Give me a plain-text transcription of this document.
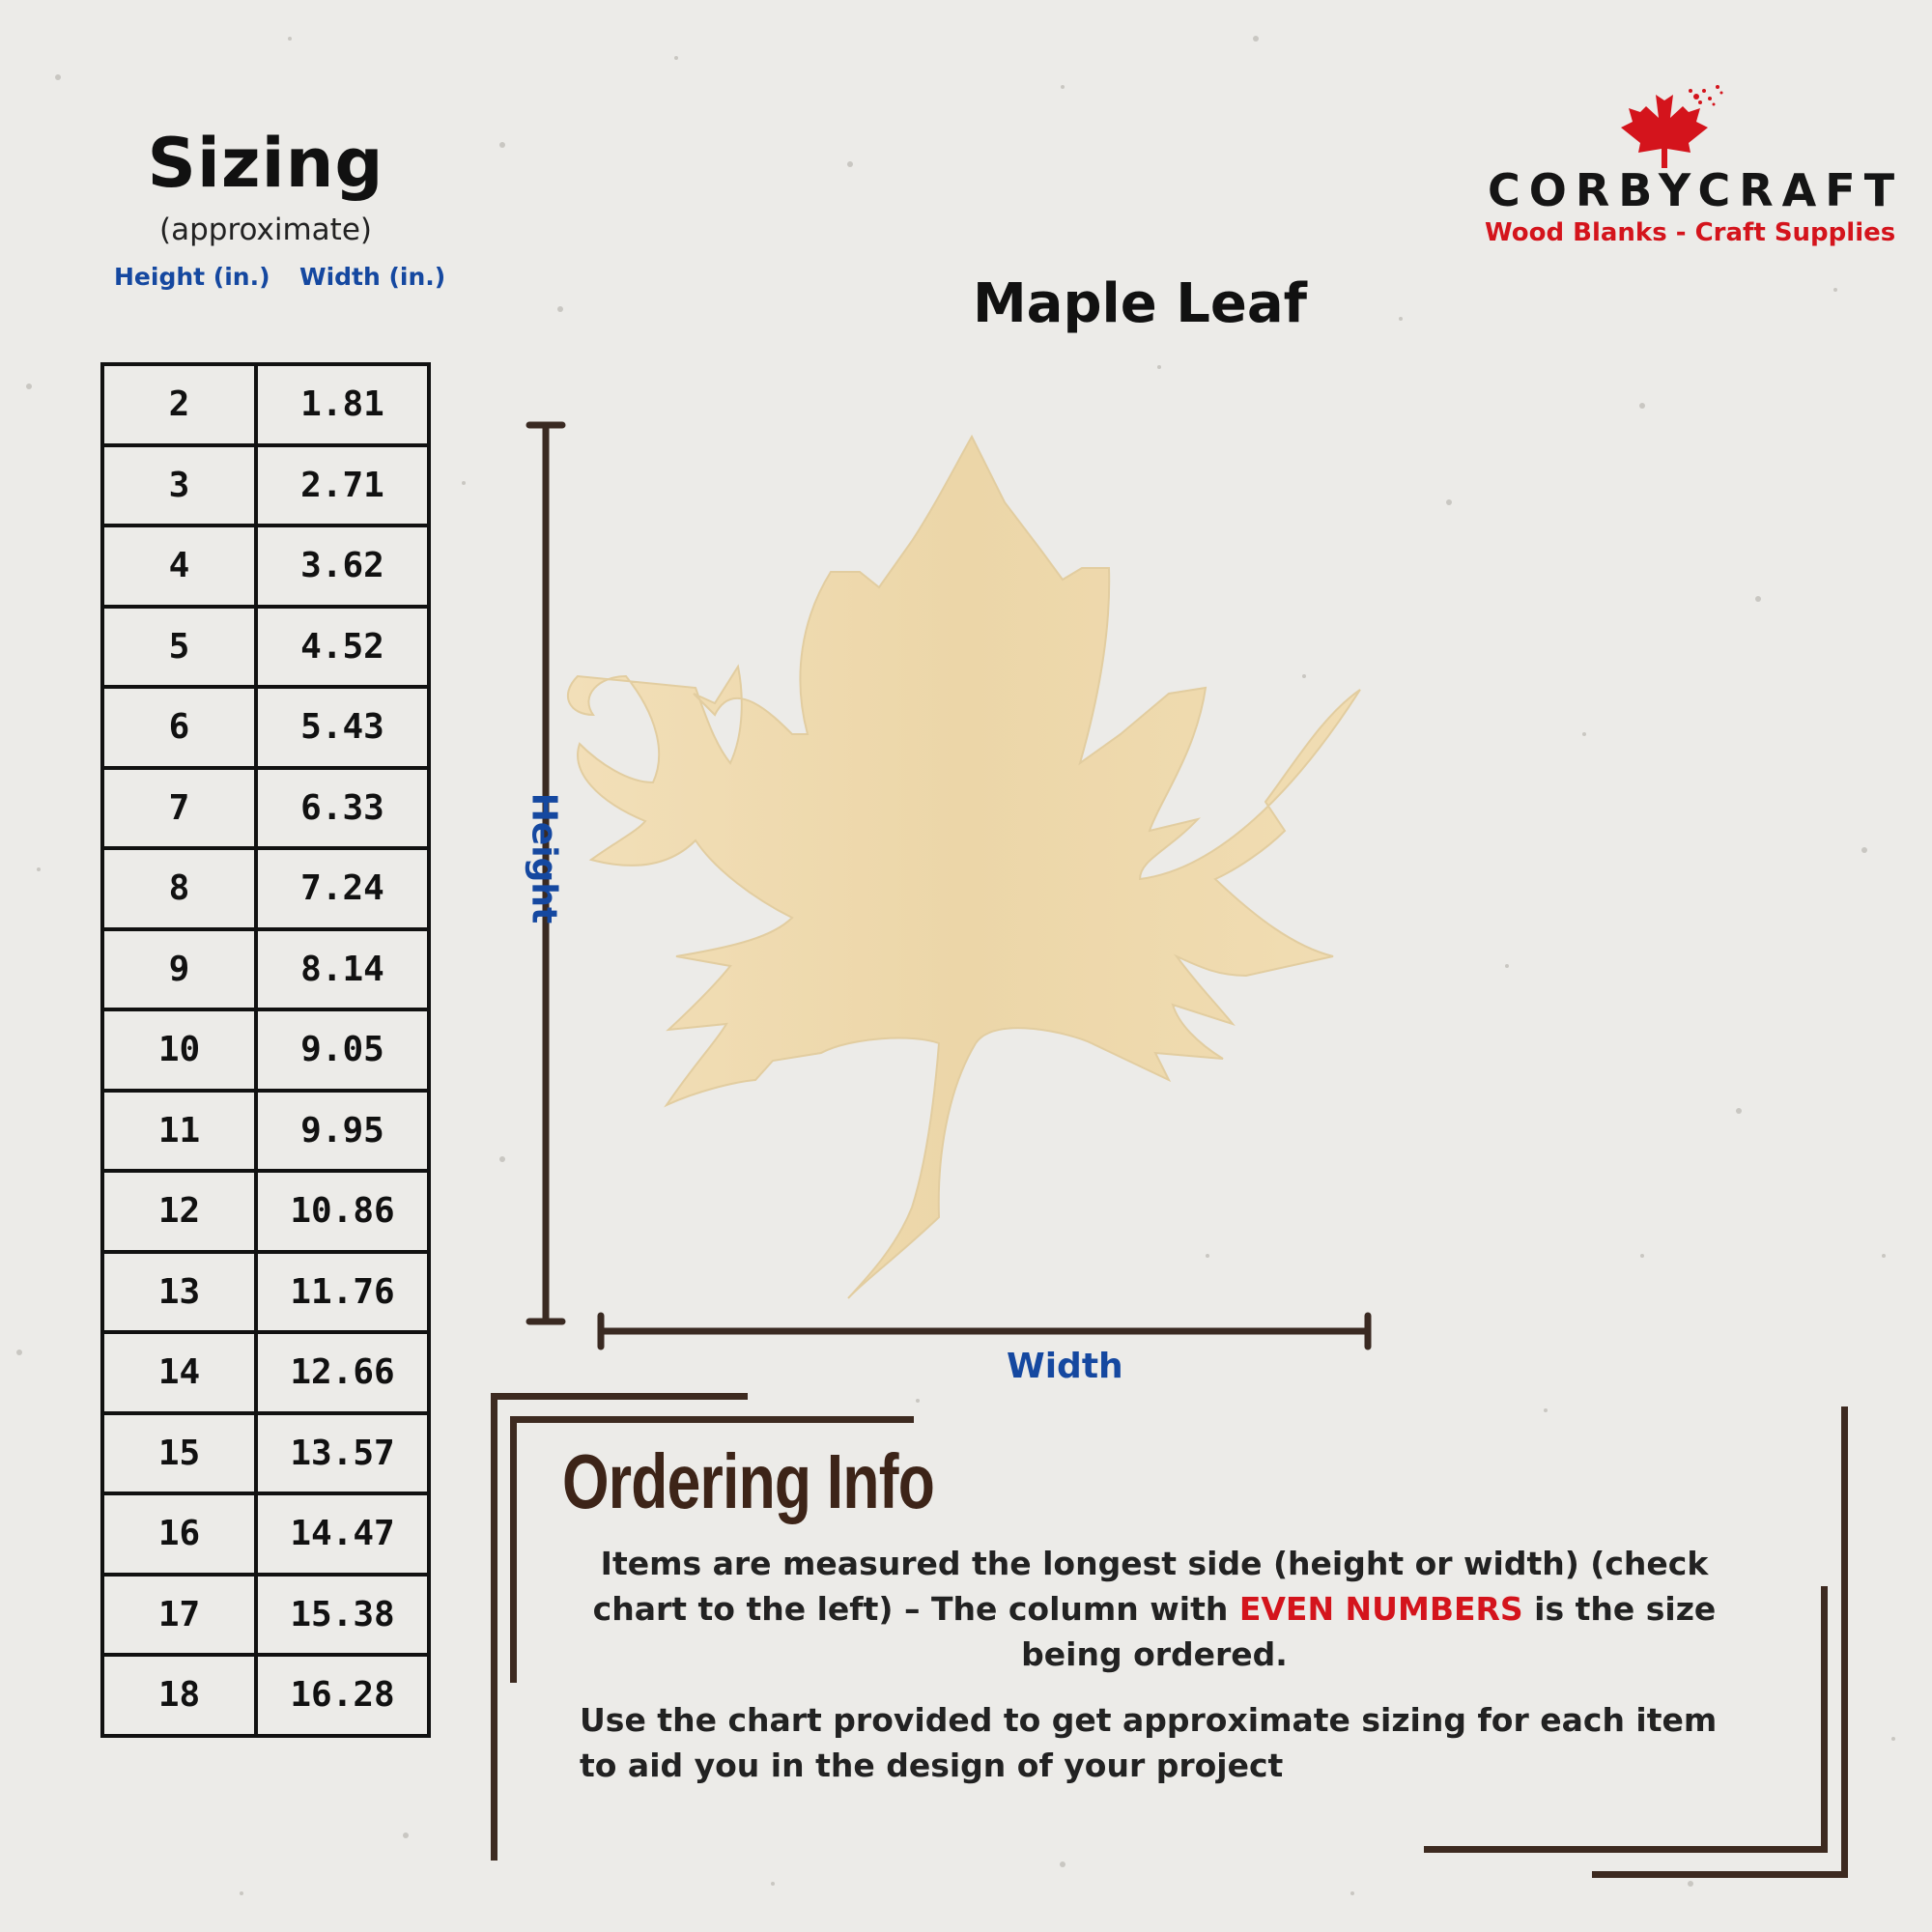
Sizing
(approximate)
Height (in.) Width (in.)
2	1.81
3	2.71
4	3.62
5	4.52
6	5.43
7	6.33
8	7.24
9	8.14
10	9.05
11	9.95
12	10.86
13	11.76
14	12.66
15	13.57
16	14.47
17	15.38
18	16.28
CORBYCRAFT
Wood Blanks - Craft Supplies
Maple Leaf
Height
Width
Ordering Info
Items are measured the longest side (height or width) (check chart to the left) – The column with EVEN NUMBERS is the size being ordered.
Use the chart provided to get approximate sizing for each item to aid you in the design of your project
